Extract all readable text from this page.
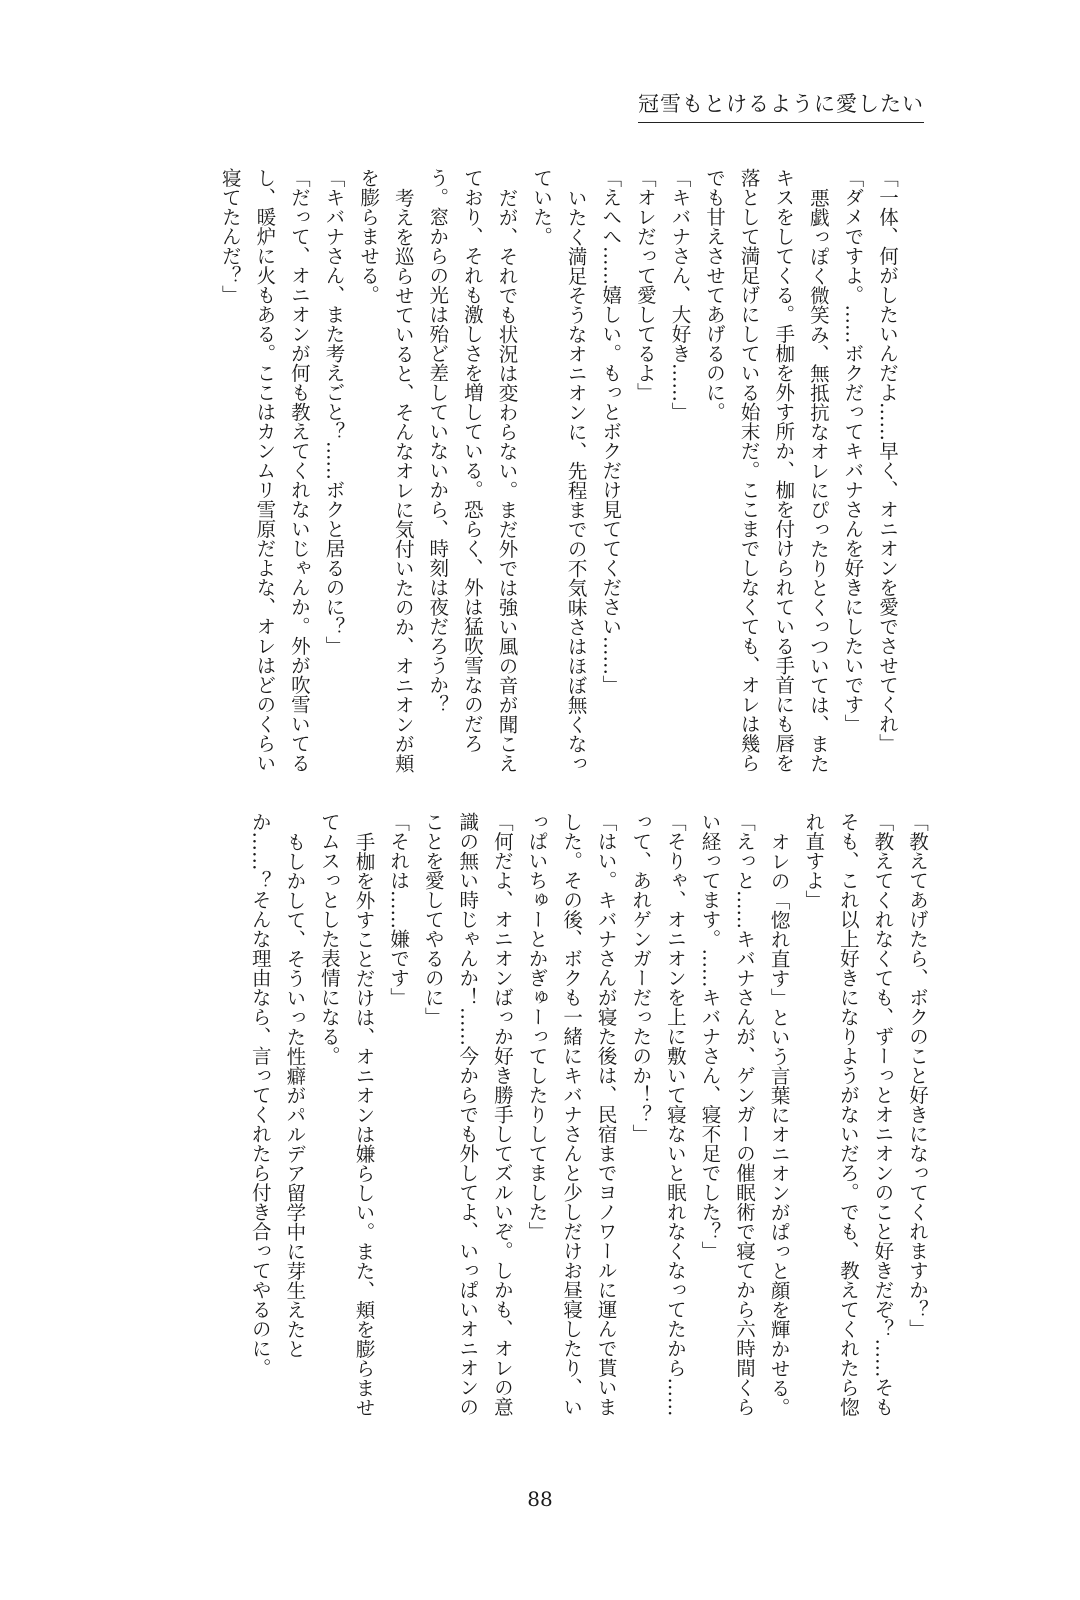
冠雪もとけるように愛したい

「一体、何がしたいんだよ……早く、オニオンを愛でさせてくれ」

「ダメですよ。……ボクだってキバナさんを好きにしたいです」

悪戯っぽく微笑み、無抵抗なオレにぴったりとくっついては、またキスをしてくる。手枷を外す所か、枷を付けられている手首にも唇を落として満足げにしている始末だ。ここまでしなくても、オレは幾らでも甘えさせてあげるのに。

「キバナさん、大好き……」

「オレだって愛してるよ」

「えへへ……嬉しい。もっとボクだけ見ててください……」

いたく満足そうなオニオンに、先程までの不気味さはほぼ無くなっていた。

だが、それでも状況は変わらない。まだ外では強い風の音が聞こえており、それも激しさを増している。恐らく、外は猛吹雪なのだろう。窓からの光は殆ど差していないから、時刻は夜だろうか？

考えを巡らせていると、そんなオレに気付いたのか、オニオンが頬を膨らませる。

「キバナさん、また考えごと？……ボクと居るのに？」

「だって、オニオンが何も教えてくれないじゃんか。外が吹雪いてるし、暖炉に火もある。ここはカンムリ雪原だよな、オレはどのくらい寝てたんだ？」

「教えてあげたら、ボクのこと好きになってくれますか？」

「教えてくれなくても、ずーっとオニオンのこと好きだぞ？……そもそも、これ以上好きになりようがないだろ。でも、教えてくれたら惚れ直すよ」

オレの「惚れ直す」という言葉にオニオンがぱっと顔を輝かせる。

「えっと……キバナさんが、ゲンガーの催眠術で寝てから六時間くらい経ってます。……キバナさん、寝不足でした？」

「そりゃ、オニオンを上に敷いて寝ないと眠れなくなってたから……って、あれゲンガーだったのか！？」

「はい。キバナさんが寝た後は、民宿までヨノワールに運んで貰いました。その後、ボクも一緒にキバナさんと少しだけお昼寝したり、いっぱいちゅーとかぎゅーってしたりしてました」

「何だよ、オニオンばっか好き勝手してズルいぞ。しかも、オレの意識の無い時じゃんか！……今からでも外してよ、いっぱいオニオンのことを愛してやるのに」

「それは……嫌です」

手枷を外すことだけは、オニオンは嫌らしい。また、頬を膨らませてムスっとした表情になる。

もしかして、そういった性癖がパルデア留学中に芽生えたとか……？そんな理由なら、言ってくれたら付き合ってやるのに。

88
